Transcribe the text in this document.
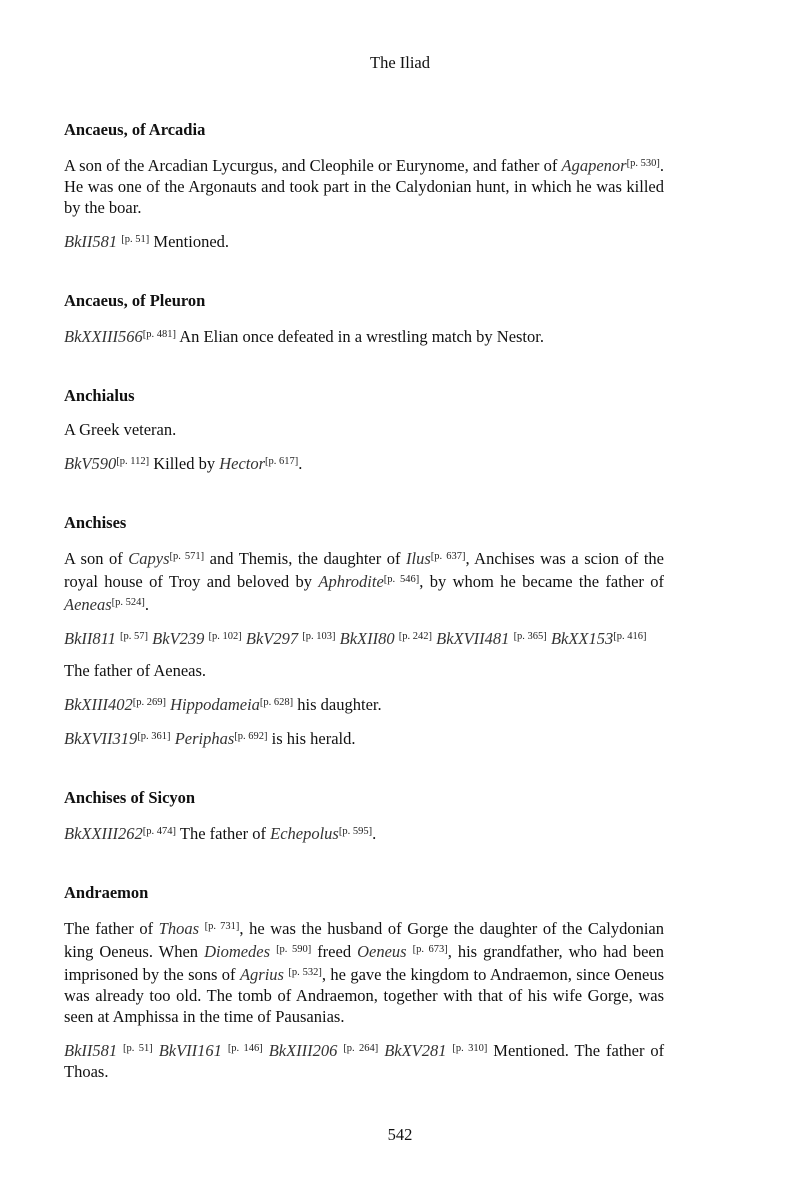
The Iliad
Ancaeus, of Arcadia

A son of the Arcadian Lycurgus, and Cleophile or Eurynome, and father of Agapenor[p. 530]. He was one of the Argonauts and took part in the Calydonian hunt, in which he was killed by the boar.

BkII581 [p. 51] Mentioned.

Ancaeus, of Pleuron

BkXXIII566[p. 481] An Elian once defeated in a wrestling match by Nestor.

Anchialus

A Greek veteran.

BkV590[p. 112] Killed by Hector[p. 617].

Anchises

A son of Capys[p. 571] and Themis, the daughter of Ilus[p. 637], Anchises was a scion of the royal house of Troy and beloved by Aphrodite[p. 546], by whom he became the father of Aeneas[p. 524].

BkII811 [p. 57] BkV239 [p. 102] BkV297 [p. 103] BkXII80 [p. 242] BkXVII481 [p. 365] BkXX153[p. 416]

The father of Aeneas.

BkXIII402[p. 269] Hippodameia[p. 628] his daughter.

BkXVII319[p. 361] Periphas[p. 692] is his herald.

Anchises of Sicyon

BkXXIII262[p. 474] The father of Echepolus[p. 595].

Andraemon

The father of Thoas [p. 731], he was the husband of Gorge the daughter of the Calydonian king Oeneus. When Diomedes [p. 590] freed Oeneus [p. 673], his grandfather, who had been imprisoned by the sons of Agrius [p. 532], he gave the kingdom to Andraemon, since Oeneus was already too old. The tomb of Andraemon, together with that of his wife Gorge, was seen at Amphissa in the time of Pausanias.

BkII581 [p. 51] BkVII161 [p. 146] BkXIII206 [p. 264] BkXV281 [p. 310] Mentioned. The father of Thoas.

542
